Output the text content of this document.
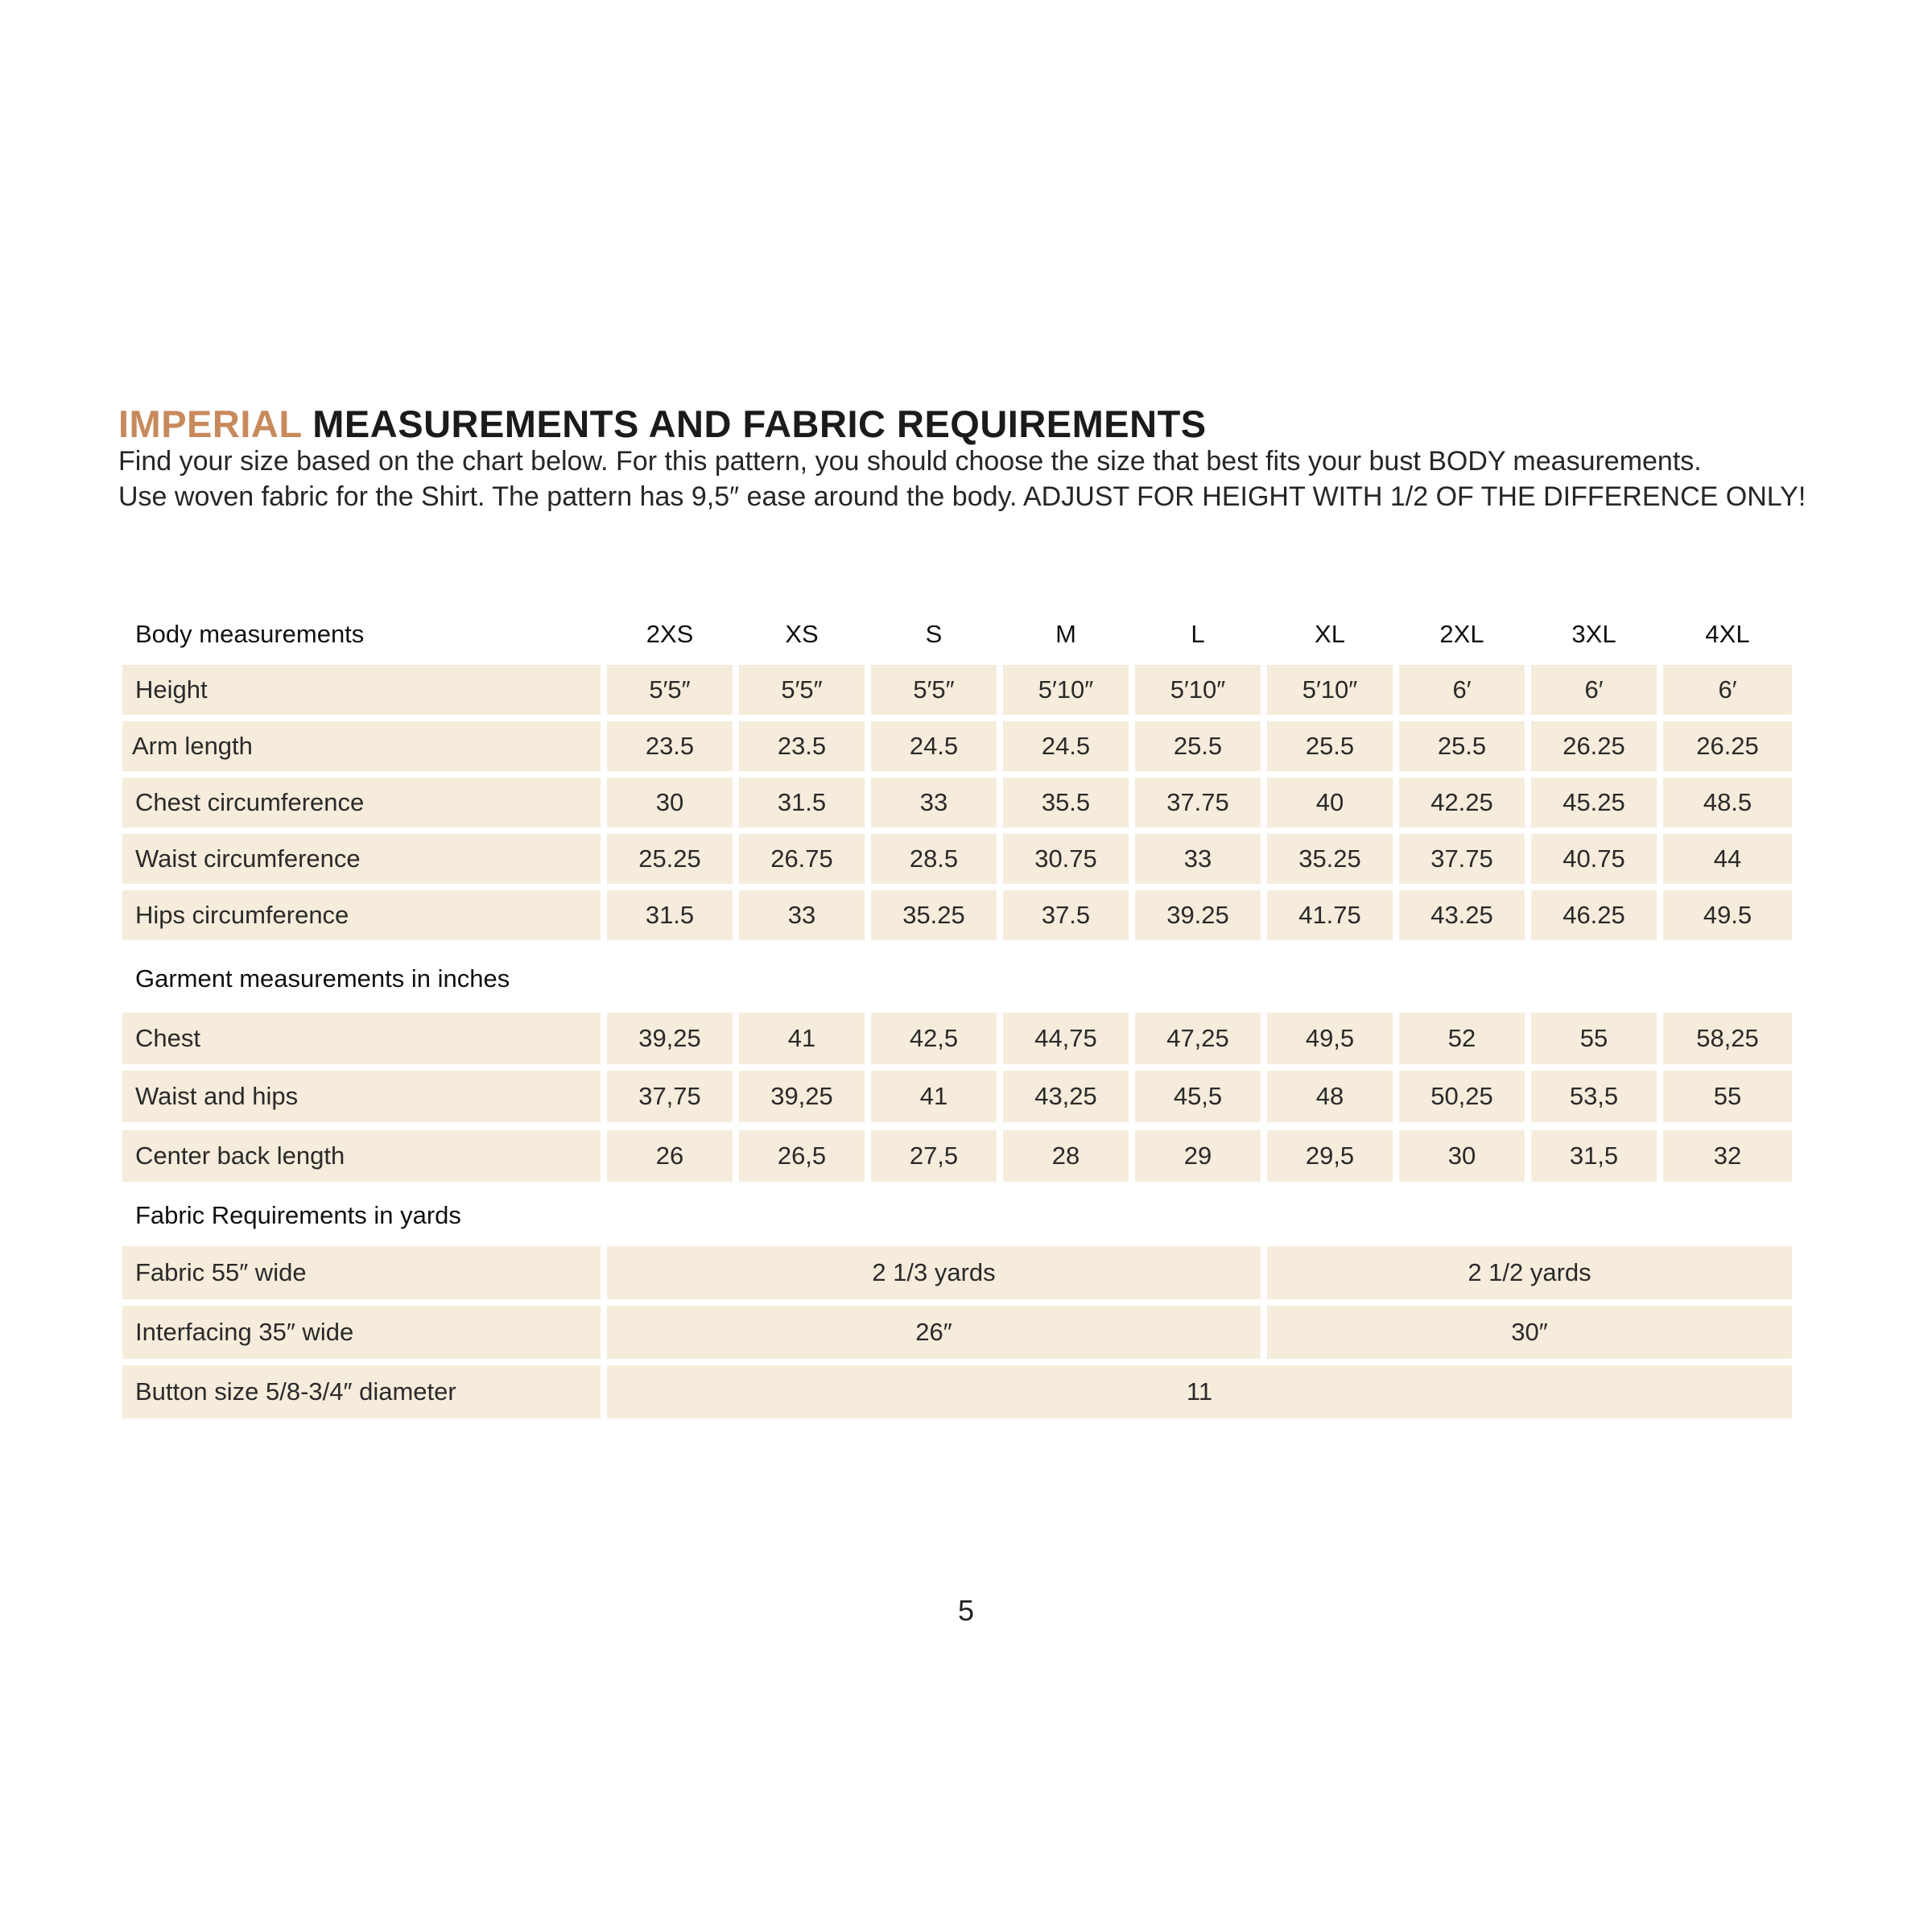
IMPERIAL MEASUREMENTS AND FABRIC REQUIREMENTS

Find your size based on the chart below. For this pattern, you should choose the size that best fits your bust BODY measurements.

Use woven fabric for the Shirt. The pattern has 9,5″ ease around the body. ADJUST FOR HEIGHT WITH 1/2 OF THE DIFFERENCE ONLY!

Body measurements	2XS	XS	S	M	L	XL	2XL	3XL	4XL
Height	5′5″	5′5″	5′5″	5′10″	5′10″	5′10″	6′	6′	6′
Arm length	23.5	23.5	24.5	24.5	25.5	25.5	25.5	26.25	26.25
Chest circumference	30	31.5	33	35.5	37.75	40	42.25	45.25	48.5
Waist circumference	25.25	26.75	28.5	30.75	33	35.25	37.75	40.75	44
Hips circumference	31.5	33	35.25	37.5	39.25	41.75	43.25	46.25	49.5
Garment measurements in inches
Chest	39,25	41	42,5	44,75	47,25	49,5	52	55	58,25
Waist and hips	37,75	39,25	41	43,25	45,5	48	50,25	53,5	55
Center back length	26	26,5	27,5	28	29	29,5	30	31,5	32
Fabric Requirements in yards
Fabric 55″ wide	2 1/3 yards	2 1/2 yards
Interfacing 35″ wide	26″	30″
Button size 5/8-3/4″ diameter	11
5
